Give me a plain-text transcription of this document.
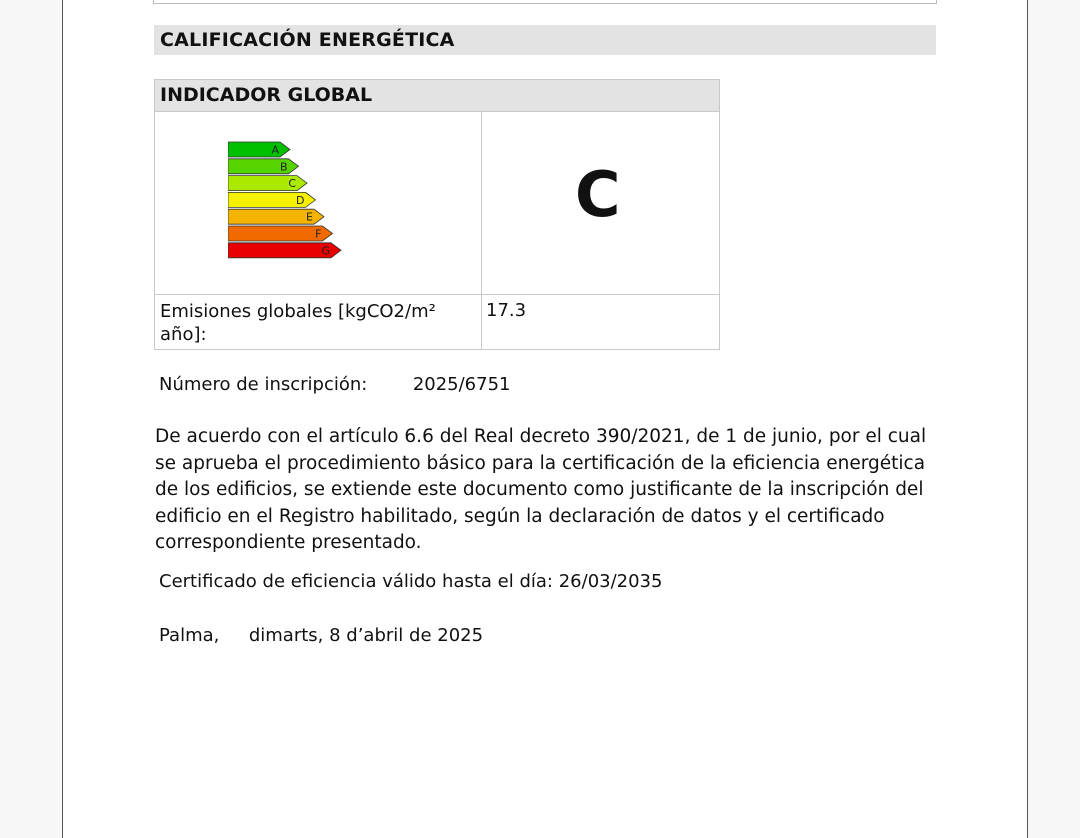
CALIFICACIÓN ENERGÉTICA
INDICADOR GLOBAL
A
B
C
D
E
F
G
C
Emisiones globales [kgCO2/m² año]:
17.3
Número de inscripción:	2025/6751

De acuerdo con el artículo 6.6 del Real decreto 390/2021, de 1 de junio, por el cual se aprueba el procedimiento básico para la certificación de la eficiencia energética de los edificios, se extiende este documento como justificante de la inscripción del edificio en el Registro habilitado, según la declaración de datos y el certificado correspondiente presentado.

Certificado de eficiencia válido hasta el día: 26/03/2035
Palma, dimarts, 8 d’abril de 2025
